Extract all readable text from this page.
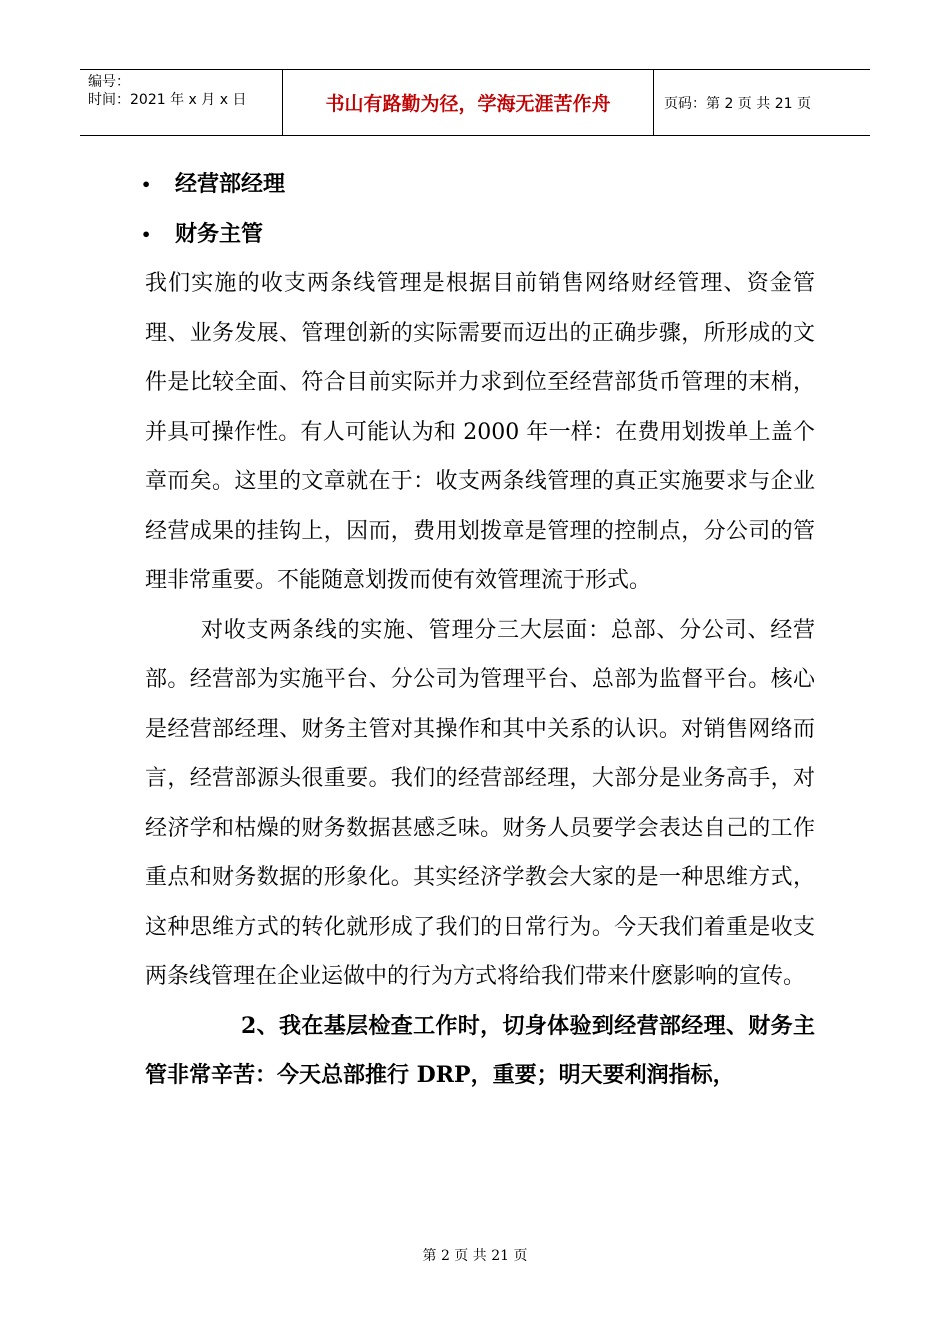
编号：
时间：2021 年 x 月 x 日	书山有路勤为径，学海无涯苦作舟	页码：第 2 页 共 21 页
•	经营部经理
•	财务主管

我们实施的收支两条线管理是根据目前销售网络财经管理、资金管理、业务发展、管理创新的实际需要而迈出的正确步骤，所形成的文件是比较全面、符合目前实际并力求到位至经营部货币管理的末梢，并具可操作性。有人可能认为和 2000 年一样：在费用划拨单上盖个章而矣。这里的文章就在于：收支两条线管理的真正实施要求与企业经营成果的挂钩上，因而，费用划拨章是管理的控制点，分公司的管理非常重要。不能随意划拨而使有效管理流于形式。

对收支两条线的实施、管理分三大层面：总部、分公司、经营部。经营部为实施平台、分公司为管理平台、总部为监督平台。核心是经营部经理、财务主管对其操作和其中关系的认识。对销售网络而言，经营部源头很重要。我们的经营部经理，大部分是业务高手，对经济学和枯燥的财务数据甚感乏味。财务人员要学会表达自己的工作重点和财务数据的形象化。其实经济学教会大家的是一种思维方式，这种思维方式的转化就形成了我们的日常行为。今天我们着重是收支两条线管理在企业运做中的行为方式将给我们带来什麽影响的宣传。

2、我在基层检查工作时，切身体验到经营部经理、财务主管非常辛苦：今天总部推行 DRP，重要；明天要利润指标，

第 2 页 共 21 页
